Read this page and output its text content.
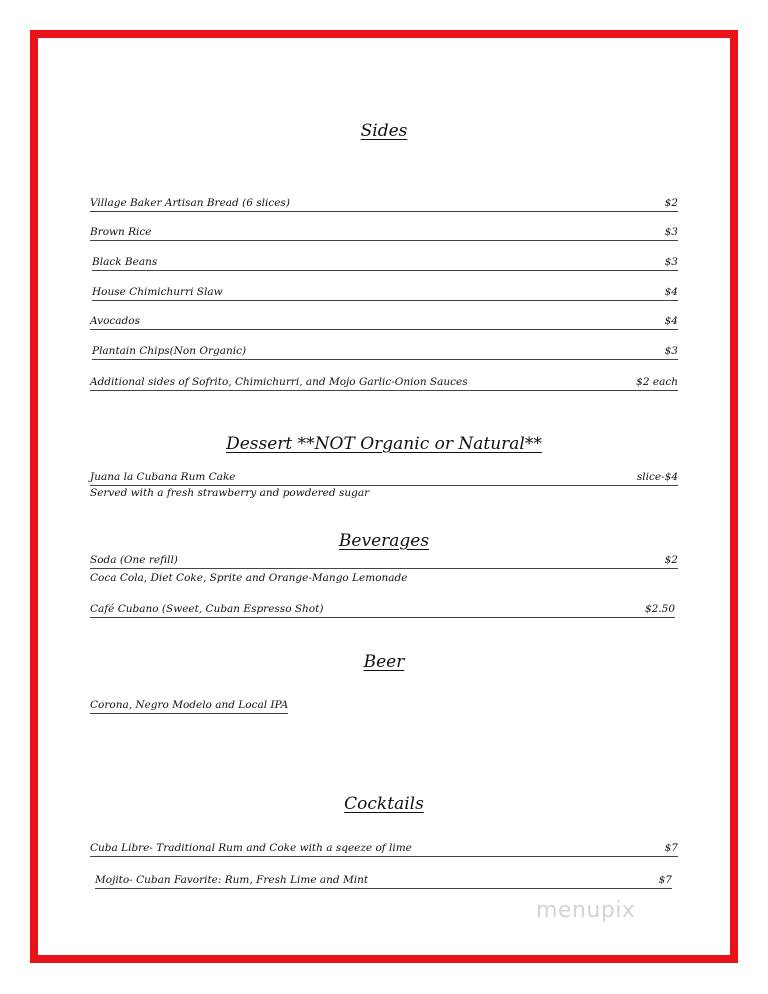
Sides
Village Baker Artisan Bread (6 slices)	$2
Brown Rice	$3
Black Beans	$3
House Chimichurri Slaw	$4
Avocados	$4
Plantain Chips(Non Organic)	$3
Additional sides of Sofrito, Chimichurri, and Mojo Garlic-Onion Sauces	$2 each
Dessert **NOT Organic or Natural**
Juana la Cubana Rum Cake	slice-$4
Served with a fresh strawberry and powdered sugar
Beverages
Soda (One refill)	$2
Coca Cola, Diet Coke, Sprite and Orange-Mango Lemonade
Café Cubano (Sweet, Cuban Espresso Shot)	$2.50
Beer
Corona, Negro Modelo and Local IPA
Cocktails
Cuba Libre- Traditional Rum and Coke with a sqeeze of lime	$7
Mojito- Cuban Favorite: Rum, Fresh Lime and Mint	$7
menupix
